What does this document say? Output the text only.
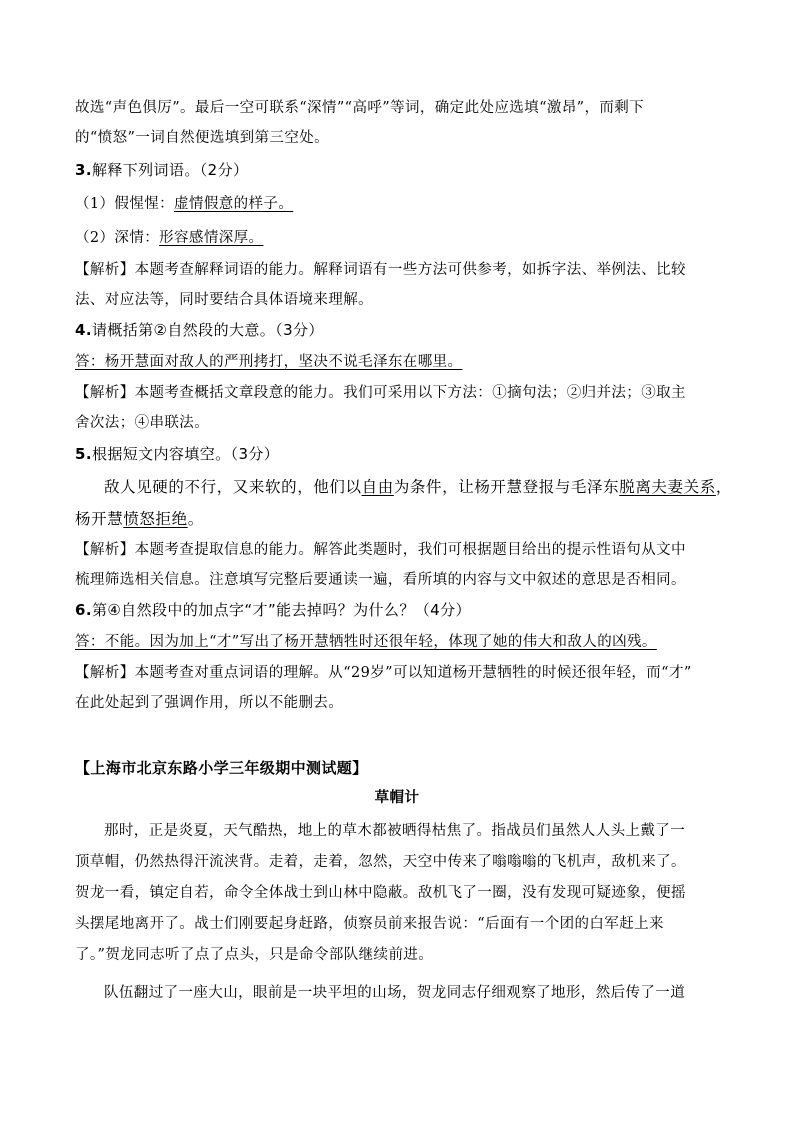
故选“声色俱厉”。最后一空可联系“深情”“高呼”等词，确定此处应选填“激昂”，而剩下
的“愤怒”一词自然便选填到第三空处。
3.解释下列词语。（2分）
（1）假惺惺：虚情假意的样子。
（2）深情：形容感情深厚。
【解析】本题考查解释词语的能力。解释词语有一些方法可供参考，如拆字法、举例法、比较
法、对应法等，同时要结合具体语境来理解。
4.请概括第②自然段的大意。（3分）
答：杨开慧面对敌人的严刑拷打，坚决不说毛泽东在哪里。
【解析】本题考查概括文章段意的能力。我们可采用以下方法：①摘句法；②归并法；③取主
舍次法；④串联法。
5.根据短文内容填空。（3分）
敌人见硬的不行，又来软的，他们以自由为条件，让杨开慧登报与毛泽东脱离夫妻关系，
杨开慧愤怒拒绝。
【解析】本题考查提取信息的能力。解答此类题时，我们可根据题目给出的提示性语句从文中
梳理筛选相关信息。注意填写完整后要通读一遍，看所填的内容与文中叙述的意思是否相同。
6.第④自然段中的加点字“才”能去掉吗？为什么？（4分）
答：不能。因为加上“才”写出了杨开慧牺牲时还很年轻，体现了她的伟大和敌人的凶残。
【解析】本题考查对重点词语的理解。从“29岁”可以知道杨开慧牺牲的时候还很年轻，而“才”
在此处起到了强调作用，所以不能删去。
【上海市北京东路小学三年级期中测试题】
草帽计
那时，正是炎夏，天气酷热，地上的草木都被晒得枯焦了。指战员们虽然人人头上戴了一
顶草帽，仍然热得汗流浃背。走着，走着，忽然，天空中传来了嗡嗡嗡的飞机声，敌机来了。
贺龙一看，镇定自若，命令全体战士到山林中隐蔽。敌机飞了一圈，没有发现可疑迹象，便摇
头摆尾地离开了。战士们刚要起身赶路，侦察员前来报告说：“后面有一个团的白军赶上来
了。”贺龙同志听了点了点头，只是命令部队继续前进。
队伍翻过了一座大山，眼前是一块平坦的山场，贺龙同志仔细观察了地形，然后传了一道
